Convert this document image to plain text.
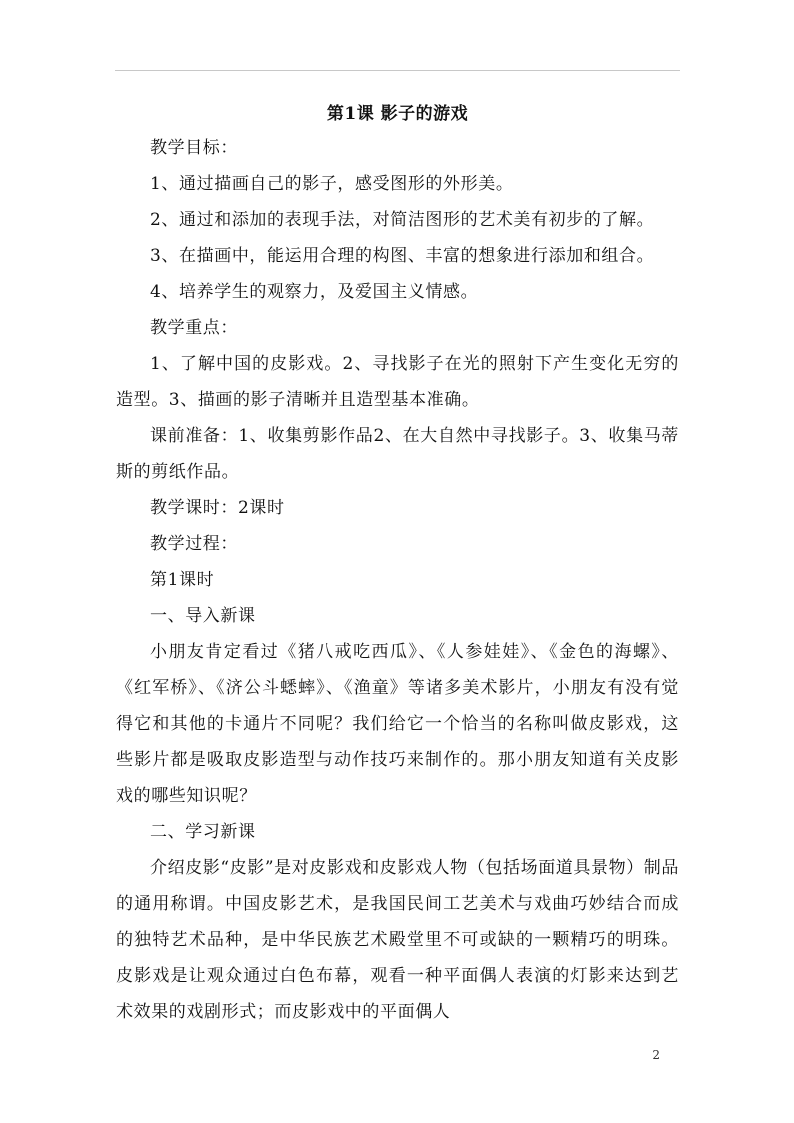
第1课 影子的游戏

教学目标：

1、通过描画自己的影子，感受图形的外形美。

2、通过和添加的表现手法，对简洁图形的艺术美有初步的了解。

3、在描画中，能运用合理的构图、丰富的想象进行添加和组合。

4、培养学生的观察力，及爱国主义情感。

教学重点：

1、了解中国的皮影戏。2、寻找影子在光的照射下产生变化无穷的造型。3、描画的影子清晰并且造型基本准确。

课前准备：1、收集剪影作品2、在大自然中寻找影子。3、收集马蒂斯的剪纸作品。

教学课时：2课时

教学过程：

第1课时

一、导入新课

小朋友肯定看过《猪八戒吃西瓜》、《人参娃娃》、《金色的海螺》、《红军桥》、《济公斗蟋蟀》、《渔童》等诸多美术影片，小朋友有没有觉得它和其他的卡通片不同呢？我们给它一个恰当的名称叫做皮影戏，这些影片都是吸取皮影造型与动作技巧来制作的。那小朋友知道有关皮影戏的哪些知识呢？

二、学习新课

介绍皮影“皮影”是对皮影戏和皮影戏人物（包括场面道具景物）制品的通用称谓。中国皮影艺术，是我国民间工艺美术与戏曲巧妙结合而成的独特艺术品种，是中华民族艺术殿堂里不可或缺的一颗精巧的明珠。皮影戏是让观众通过白色布幕，观看一种平面偶人表演的灯影来达到艺术效果的戏剧形式；而皮影戏中的平面偶人

2
